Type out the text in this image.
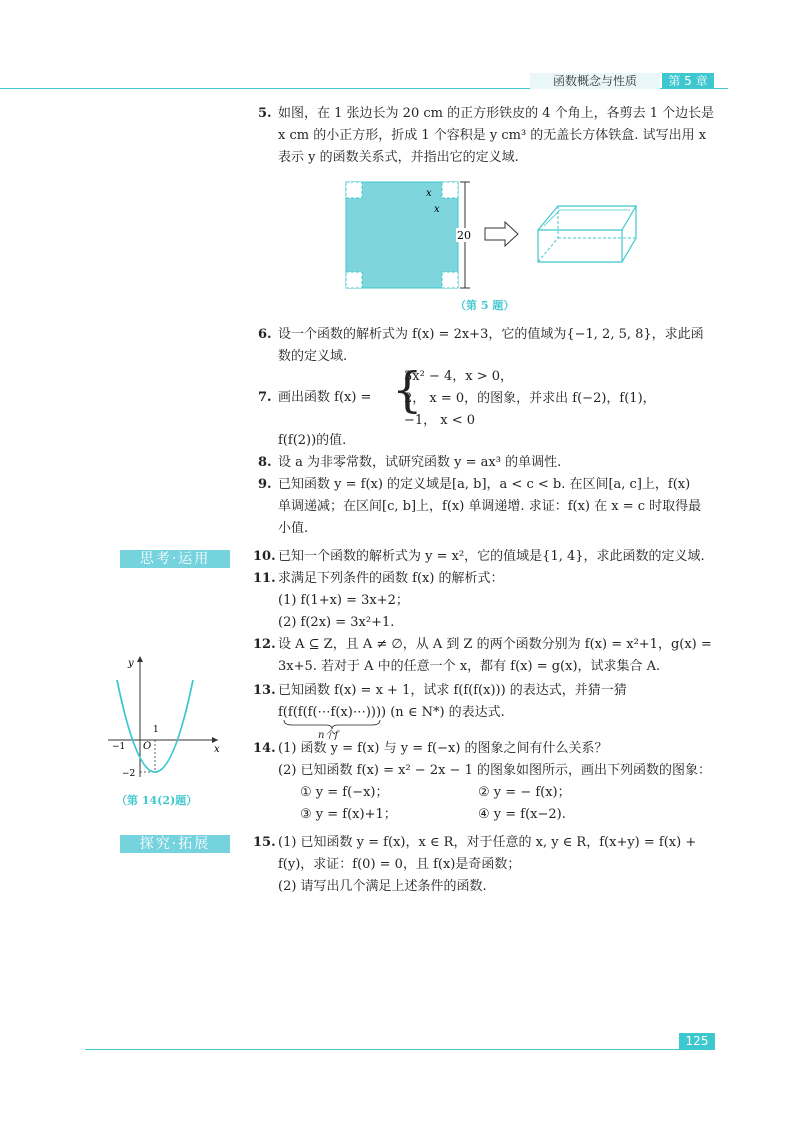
函数概念与性质	第 5 章
5. 如图，在 1 张边长为 20 cm 的正方形铁皮的 4 个角上，各剪去 1 个边长是
x cm 的小正方形，折成 1 个容积是 y cm³ 的无盖长方体铁盒. 试写出用 x
表示 y 的函数关系式，并指出它的定义域.
x
x
20
（第 5 题）
6. 设一个函数的解析式为 f(x) = 2x+3，它的值域为{−1, 2, 5, 8}，求此函
数的定义域.
7. 画出函数 f(x) = {
3x² − 4，x > 0，
2， x = 0，的图象，并求出 f(−2)，f(1)，
−1， x < 0
f(f(2))的值.
8. 设 a 为非零常数，试研究函数 y = ax³ 的单调性.
9. 已知函数 y = f(x) 的定义域是[a, b]，a < c < b. 在区间[a, c]上，f(x)
单调递减；在区间[c, b]上，f(x) 单调递增. 求证：f(x) 在 x = c 时取得最
小值.
思考·运用	10. 已知一个函数的解析式为 y = x²，它的值域是{1, 4}，求此函数的定义域.
11. 求满足下列条件的函数 f(x) 的解析式：
(1) f(1+x) = 3x+2；
(2) f(2x) = 3x²+1.
12. 设 A ⊆ Z，且 A ≠ ∅，从 A 到 Z 的两个函数分别为 f(x) = x²+1，g(x) =
3x+5. 若对于 A 中的任意一个 x，都有 f(x) = g(x)，试求集合 A.
13. 已知函数 f(x) = x + 1，试求 f(f(f(x))) 的表达式，并猜一猜
f(f(f(f(⋯f(x)⋯)))) (n ∈ N*) 的表达式.
n个f
y
x
O
1
−1
−2
（第 14(2)题）
14. (1) 函数 y = f(x) 与 y = f(−x) 的图象之间有什么关系？
(2) 已知函数 f(x) = x² − 2x − 1 的图象如图所示，画出下列函数的图象：
① y = f(−x)；	② y = − f(x)；
③ y = f(x)+1；	④ y = f(x−2).
探究·拓展	15. (1) 已知函数 y = f(x)，x ∈ R，对于任意的 x, y ∈ R，f(x+y) = f(x) +
f(y)，求证：f(0) = 0，且 f(x)是奇函数；
(2) 请写出几个满足上述条件的函数.
125
